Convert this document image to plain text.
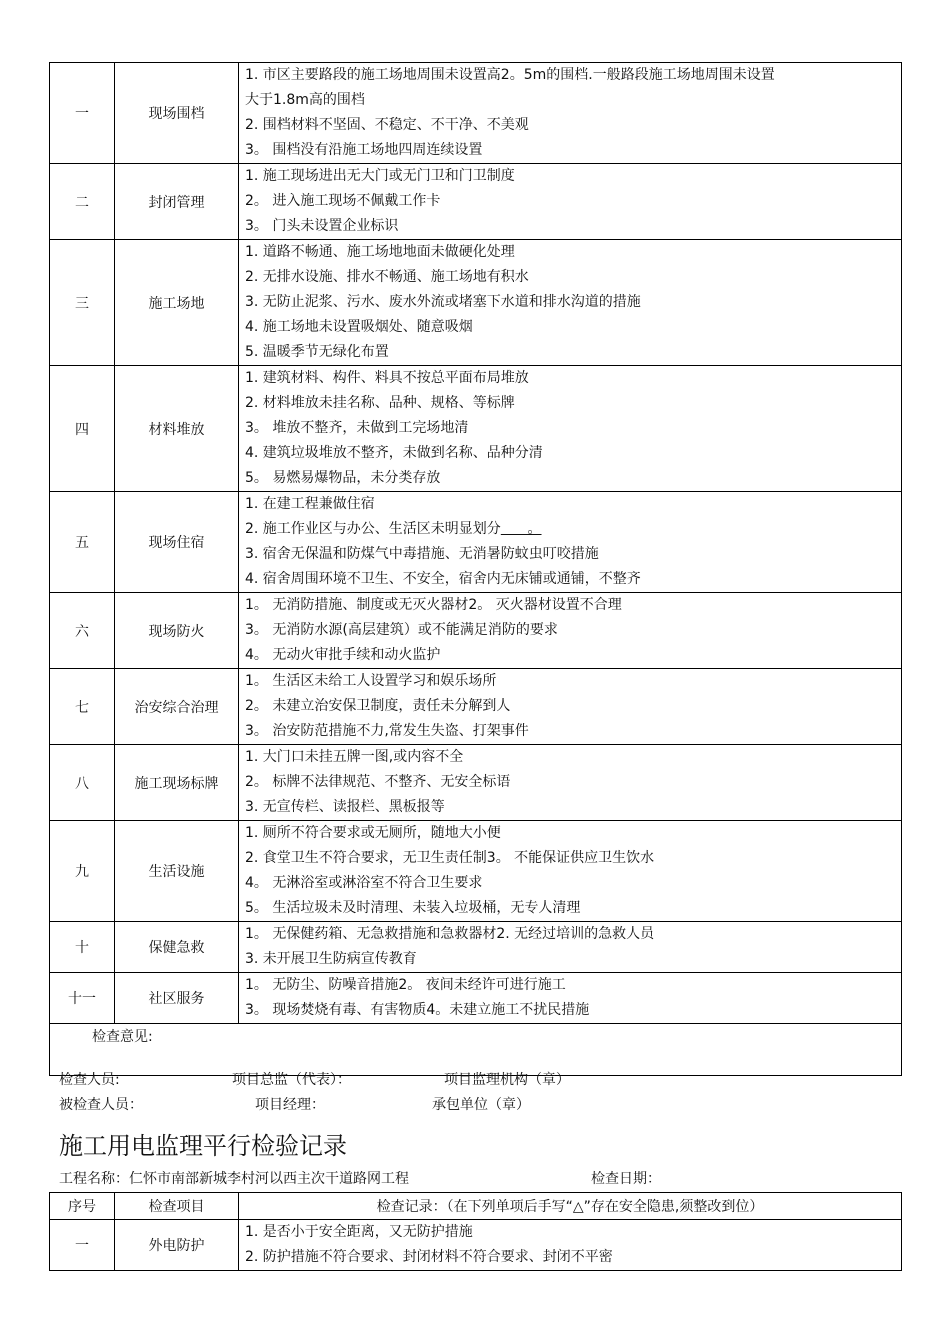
一	现场围档	1. 市区主要路段的施工场地周围未设置高2。5m的围档.一般路段施工场地周围未设置
大于1.8m高的围档
2. 围档材料不坚固、不稳定、不干净、不美观
3。 围档没有沿施工场地四周连续设置

二	封闭管理	1. 施工现场进出无大门或无门卫和门卫制度
2。 进入施工现场不佩戴工作卡
3。 门头未设置企业标识

三	施工场地	1. 道路不畅通、施工场地地面未做硬化处理
2. 无排水设施、排水不畅通、施工场地有积水
3. 无防止泥浆、污水、废水外流或堵塞下水道和排水沟道的措施
4. 施工场地未设置吸烟处、随意吸烟
5. 温暖季节无绿化布置

四	材料堆放	1. 建筑材料、构件、料具不按总平面布局堆放
2. 材料堆放未挂名称、品种、规格、等标牌
3。 堆放不整齐，未做到工完场地清
4. 建筑垃圾堆放不整齐，未做到名称、品种分清
5。 易燃易爆物品，未分类存放

五	现场住宿	1. 在建工程兼做住宿
2. 施工作业区与办公、生活区未明显划分      。
3. 宿舍无保温和防煤气中毒措施、无消暑防蚊虫叮咬措施
4. 宿舍周围环境不卫生、不安全，宿舍内无床铺或通铺，不整齐

六	现场防火	1。 无消防措施、制度或无灭火器材2。 灭火器材设置不合理
3。 无消防水源(高层建筑）或不能满足消防的要求
4。 无动火审批手续和动火监护

七	治安综合治理	1。 生活区未给工人设置学习和娱乐场所
2。 未建立治安保卫制度，责任未分解到人
3。 治安防范措施不力,常发生失盗、打架事件

八	施工现场标牌	1. 大门口未挂五牌一图,或内容不全
2。 标牌不法律规范、不整齐、无安全标语
3. 无宣传栏、读报栏、黑板报等

九	生活设施	1. 厕所不符合要求或无厕所，随地大小便
2. 食堂卫生不符合要求，无卫生责任制3。 不能保证供应卫生饮水
4。 无淋浴室或淋浴室不符合卫生要求
5。 生活垃圾未及时清理、未装入垃圾桶，无专人清理

十	保健急救	1。 无保健药箱、无急救措施和急救器材2. 无经过培训的急救人员
3. 未开展卫生防病宣传教育

十一	社区服务	1。 无防尘、防噪音措施2。 夜间未经许可进行施工
3。 现场焚烧有毒、有害物质4。未建立施工不扰民措施

检查意见:		
检查人员:	项目总监（代表）：	项目监理机构（章）
被检查人员：	项目经理：	承包单位（章）
施工用电监理平行检验记录
工程名称：仁怀市南部新城李村河以西主次干道路网工程	检查日期：
序号	检查项目	检查记录：（在下列单项后手写“△”存在安全隐患,须整改到位）
一	外电防护	1. 是否小于安全距离，又无防护措施
2. 防护措施不符合要求、封闭材料不符合要求、封闭不平密
